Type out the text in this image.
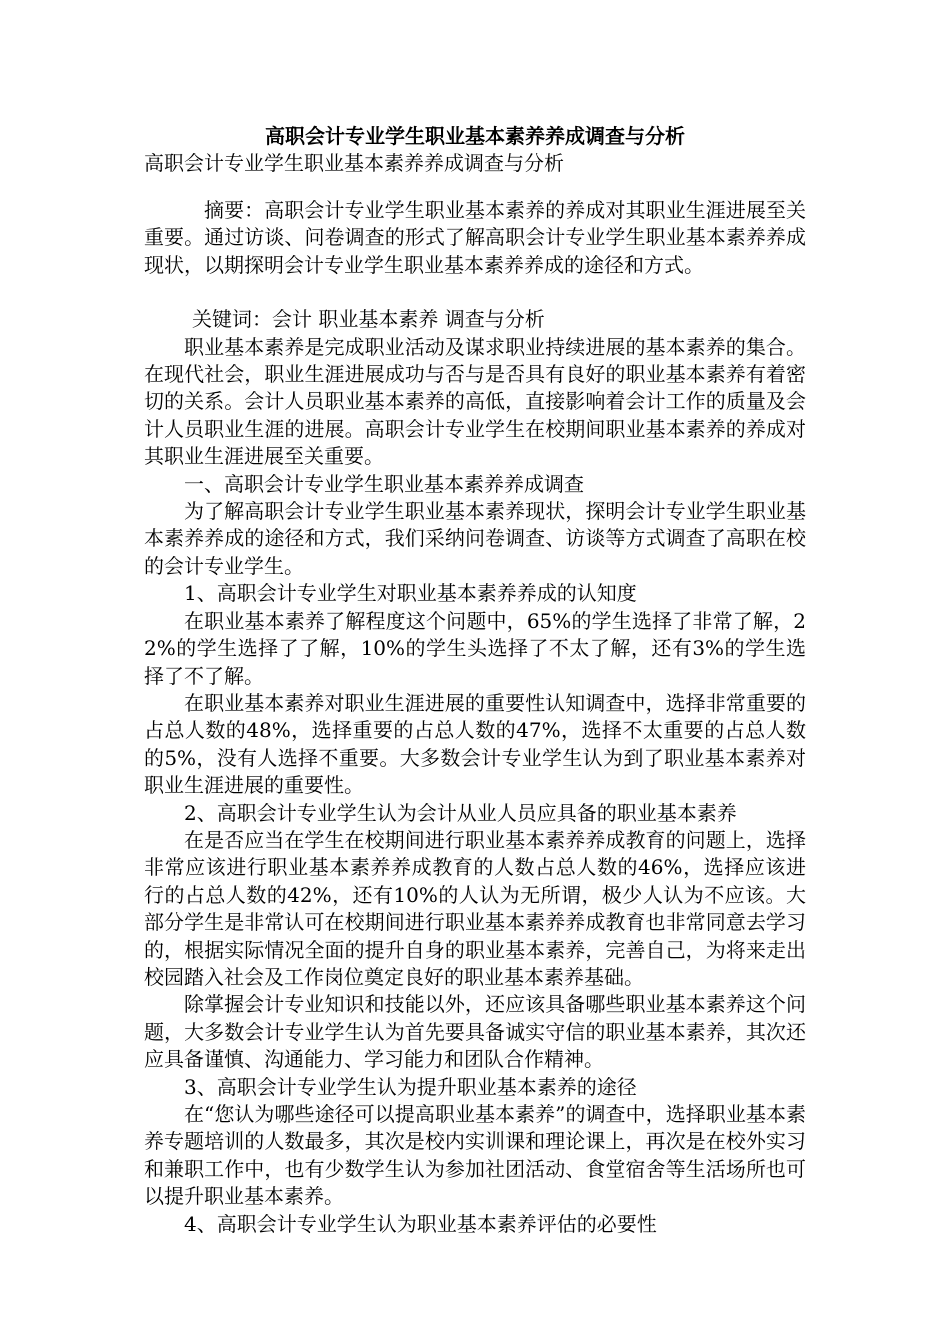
高职会计专业学生职业基本素养养成调查与分析
高职会计专业学生职业基本素养养成调查与分析

摘要：高职会计专业学生职业基本素养的养成对其职业生涯进展至关重要。通过访谈、问卷调查的形式了解高职会计专业学生职业基本素养养成现状，以期探明会计专业学生职业基本素养养成的途径和方式。

关键词：会计 职业基本素养 调查与分析

职业基本素养是完成职业活动及谋求职业持续进展的基本素养的集合。在现代社会，职业生涯进展成功与否与是否具有良好的职业基本素养有着密切的关系。会计人员职业基本素养的高低，直接影响着会计工作的质量及会计人员职业生涯的进展。高职会计专业学生在校期间职业基本素养的养成对其职业生涯进展至关重要。

一、高职会计专业学生职业基本素养养成调查

为了解高职会计专业学生职业基本素养现状，探明会计专业学生职业基本素养养成的途径和方式，我们采纳问卷调查、访谈等方式调查了高职在校的会计专业学生。

1、高职会计专业学生对职业基本素养养成的认知度

在职业基本素养了解程度这个问题中，65%的学生选择了非常了解，22%的学生选择了了解，10%的学生头选择了不太了解，还有3%的学生选择了不了解。

在职业基本素养对职业生涯进展的重要性认知调查中，选择非常重要的占总人数的48%，选择重要的占总人数的47%，选择不太重要的占总人数的5%，没有人选择不重要。大多数会计专业学生认为到了职业基本素养对职业生涯进展的重要性。

2、高职会计专业学生认为会计从业人员应具备的职业基本素养

在是否应当在学生在校期间进行职业基本素养养成教育的问题上，选择非常应该进行职业基本素养养成教育的人数占总人数的46%，选择应该进行的占总人数的42%，还有10%的人认为无所谓，极少人认为不应该。大部分学生是非常认可在校期间进行职业基本素养养成教育也非常同意去学习的，根据实际情况全面的提升自身的职业基本素养，完善自己，为将来走出校园踏入社会及工作岗位奠定良好的职业基本素养基础。

除掌握会计专业知识和技能以外，还应该具备哪些职业基本素养这个问题，大多数会计专业学生认为首先要具备诚实守信的职业基本素养，其次还应具备谨慎、沟通能力、学习能力和团队合作精神。

3、高职会计专业学生认为提升职业基本素养的途径

在“您认为哪些途径可以提高职业基本素养”的调查中，选择职业基本素养专题培训的人数最多，其次是校内实训课和理论课上，再次是在校外实习和兼职工作中，也有少数学生认为参加社团活动、食堂宿舍等生活场所也可以提升职业基本素养。

4、高职会计专业学生认为职业基本素养评估的必要性
